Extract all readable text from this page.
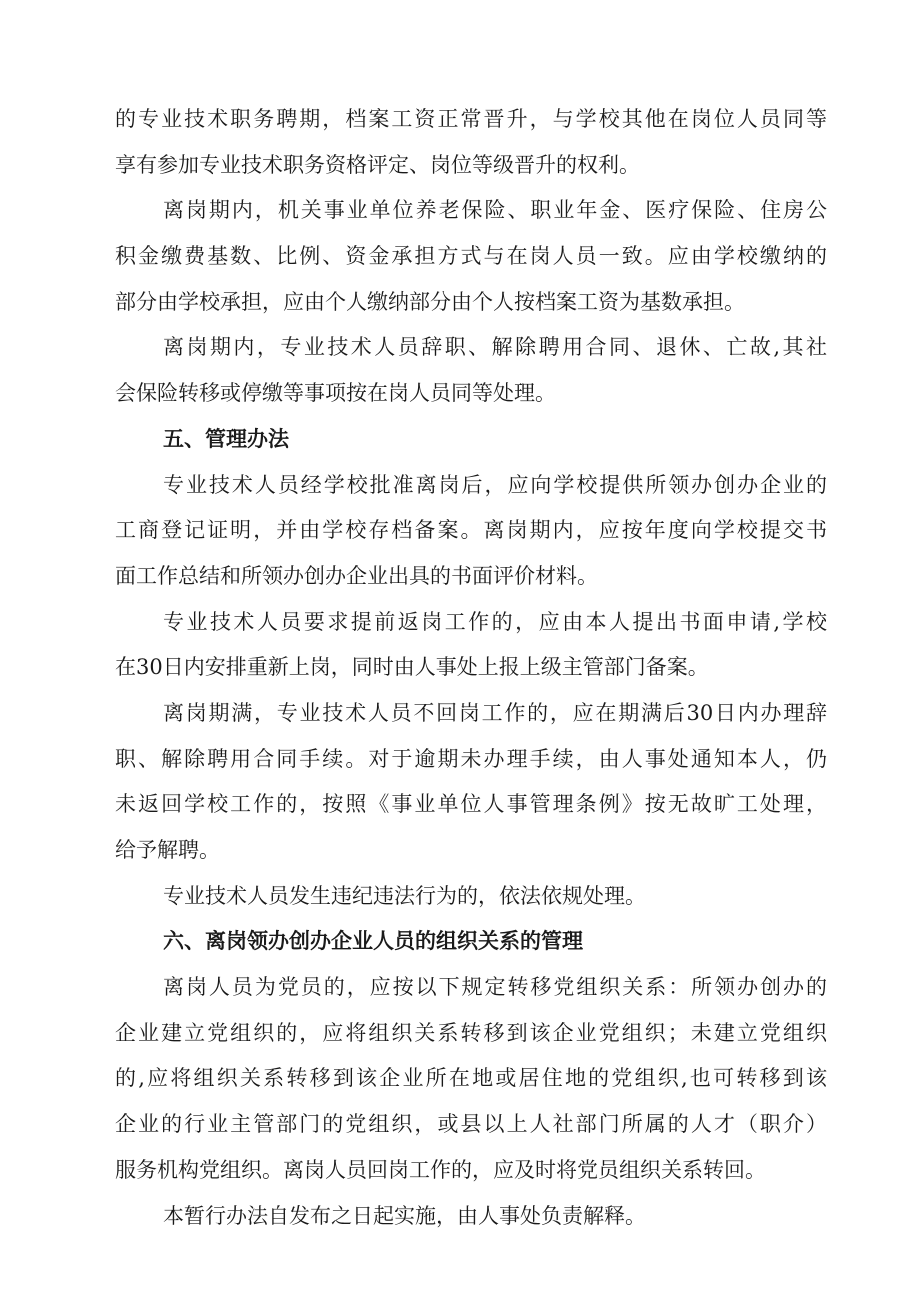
的专业技术职务聘期，档案工资正常晋升，与学校其他在岗位人员同等
享有参加专业技术职务资格评定、岗位等级晋升的权利。
离岗期内，机关事业单位养老保险、职业年金、医疗保险、住房公
积金缴费基数、比例、资金承担方式与在岗人员一致。应由学校缴纳的
部分由学校承担，应由个人缴纳部分由个人按档案工资为基数承担。
离岗期内，专业技术人员辞职、解除聘用合同、退休、亡故,其社
会保险转移或停缴等事项按在岗人员同等处理。
五、管理办法
专业技术人员经学校批准离岗后，应向学校提供所领办创办企业的
工商登记证明，并由学校存档备案。离岗期内，应按年度向学校提交书
面工作总结和所领办创办企业出具的书面评价材料。
专业技术人员要求提前返岗工作的，应由本人提出书面申请,学校
在30日内安排重新上岗，同时由人事处上报上级主管部门备案。
离岗期满，专业技术人员不回岗工作的，应在期满后30日内办理辞
职、解除聘用合同手续。对于逾期未办理手续，由人事处通知本人，仍
未返回学校工作的，按照《事业单位人事管理条例》按无故旷工处理，
给予解聘。
专业技术人员发生违纪违法行为的，依法依规处理。
六、离岗领办创办企业人员的组织关系的管理
离岗人员为党员的，应按以下规定转移党组织关系：所领办创办的
企业建立党组织的，应将组织关系转移到该企业党组织；未建立党组织
的,应将组织关系转移到该企业所在地或居住地的党组织,也可转移到该
企业的行业主管部门的党组织，或县以上人社部门所属的人才（职介）
服务机构党组织。离岗人员回岗工作的，应及时将党员组织关系转回。
本暂行办法自发布之日起实施，由人事处负责解释。
